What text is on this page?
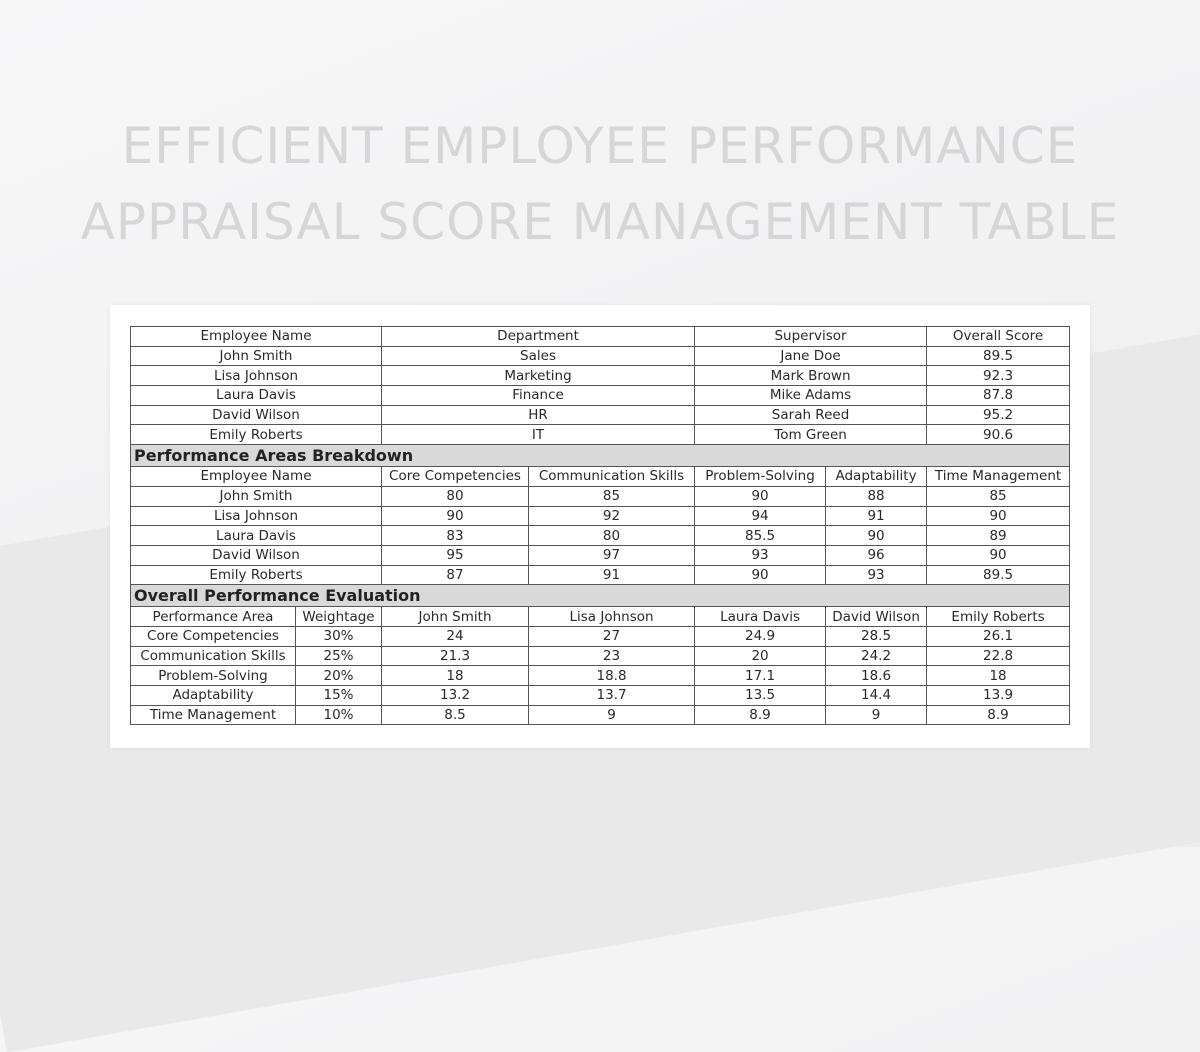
EFFICIENT EMPLOYEE PERFORMANCE
APPRAISAL SCORE MANAGEMENT TABLE
Employee Name		Department		Supervisor		Overall Score
John Smith		Sales		Jane Doe		89.5
Lisa Johnson		Marketing		Mark Brown		92.3
Laura Davis		Finance		Mike Adams		87.8
David Wilson		HR		Sarah Reed		95.2
Emily Roberts		IT		Tom Green		90.6
Performance Areas Breakdown						
Employee Name		Core Competencies	Communication Skills	Problem-Solving	Adaptability	Time Management
John Smith		80	85	90	88	85
Lisa Johnson		90	92	94	91	90
Laura Davis		83	80	85.5	90	89
David Wilson		95	97	93	96	90
Emily Roberts		87	91	90	93	89.5
Overall Performance Evaluation						
Performance Area	Weightage	John Smith	Lisa Johnson	Laura Davis	David Wilson	Emily Roberts
Core Competencies	30%	24	27	24.9	28.5	26.1
Communication Skills	25%	21.3	23	20	24.2	22.8
Problem-Solving	20%	18	18.8	17.1	18.6	18
Adaptability	15%	13.2	13.7	13.5	14.4	13.9
Time Management	10%	8.5	9	8.9	9	8.9
